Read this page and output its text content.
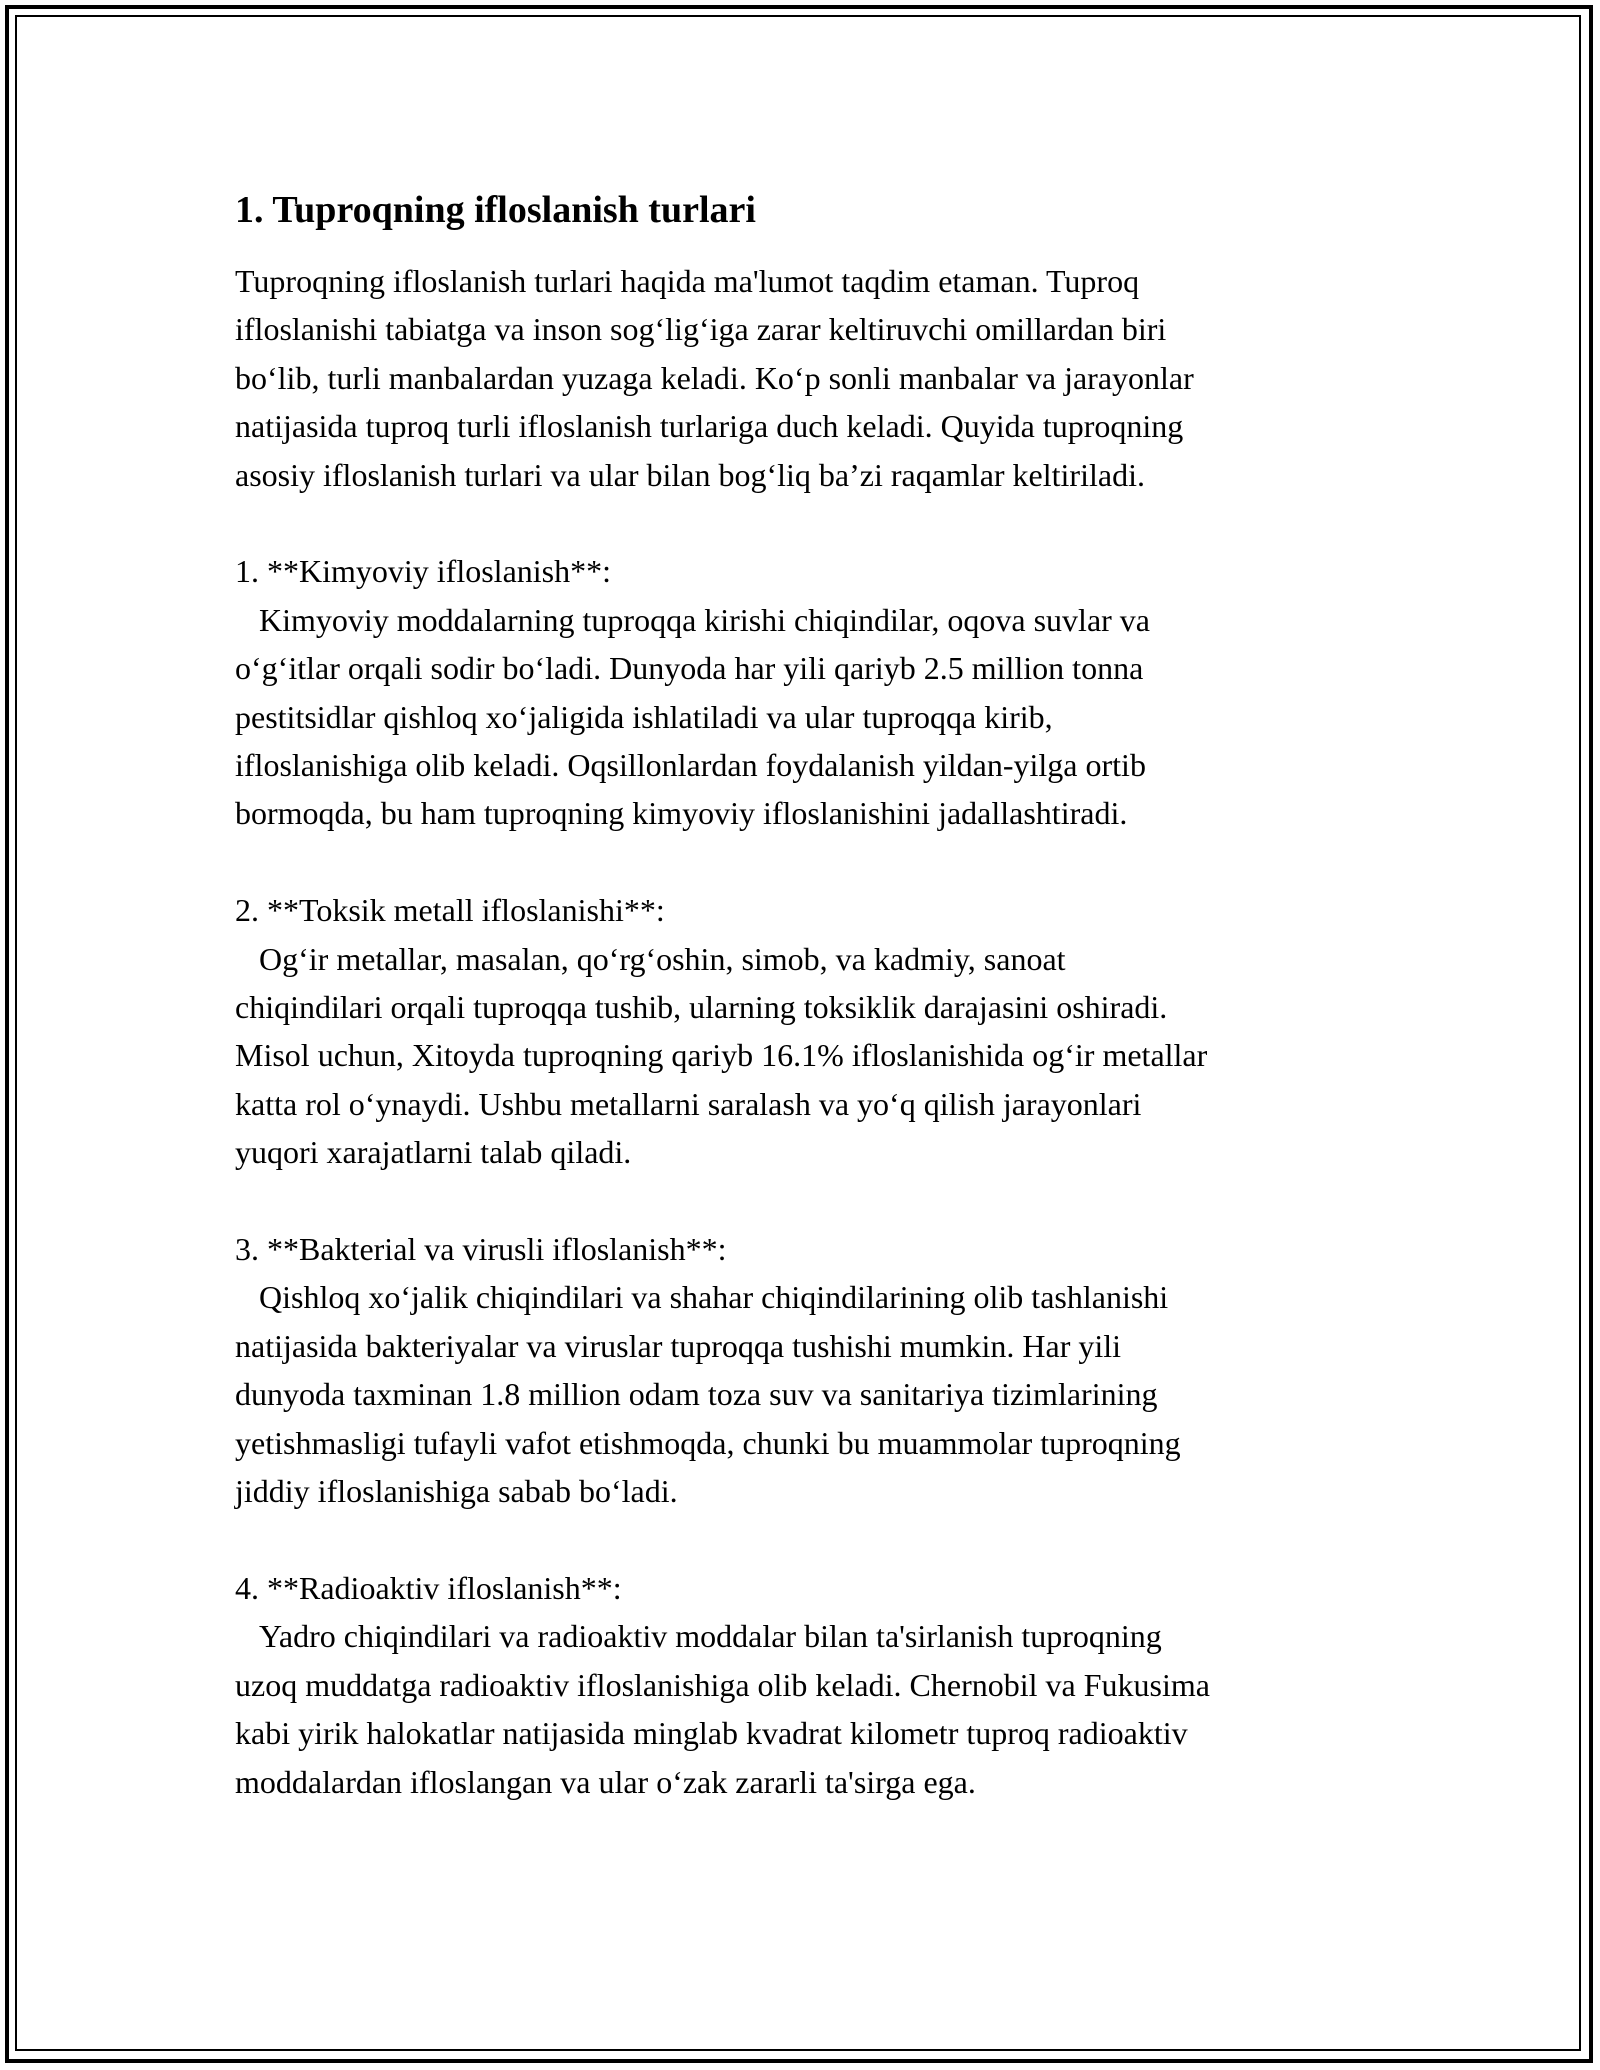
1. Tuproqning ifloslanish turlari
Tuproqning ifloslanish turlari haqida ma'lumot taqdim etaman. Tuproq
ifloslanishi tabiatga va inson sog‘lig‘iga zarar keltiruvchi omillardan biri
bo‘lib, turli manbalardan yuzaga keladi. Ko‘p sonli manbalar va jarayonlar
natijasida tuproq turli ifloslanish turlariga duch keladi. Quyida tuproqning
asosiy ifloslanish turlari va ular bilan bog‘liq ba’zi raqamlar keltiriladi.
1. **Kimyoviy ifloslanish**:
Kimyoviy moddalarning tuproqqa kirishi chiqindilar, oqova suvlar va
o‘g‘itlar orqali sodir bo‘ladi. Dunyoda har yili qariyb 2.5 million tonna
pestitsidlar qishloq xo‘jaligida ishlatiladi va ular tuproqqa kirib,
ifloslanishiga olib keladi. Oqsillonlardan foydalanish yildan-yilga ortib
bormoqda, bu ham tuproqning kimyoviy ifloslanishini jadallashtiradi.
2. **Toksik metall ifloslanishi**:
Og‘ir metallar, masalan, qo‘rg‘oshin, simob, va kadmiy, sanoat
chiqindilari orqali tuproqqa tushib, ularning toksiklik darajasini oshiradi.
Misol uchun, Xitoyda tuproqning qariyb 16.1% ifloslanishida og‘ir metallar
katta rol o‘ynaydi. Ushbu metallarni saralash va yo‘q qilish jarayonlari
yuqori xarajatlarni talab qiladi.
3. **Bakterial va virusli ifloslanish**:
Qishloq xo‘jalik chiqindilari va shahar chiqindilarining olib tashlanishi
natijasida bakteriyalar va viruslar tuproqqa tushishi mumkin. Har yili
dunyoda taxminan 1.8 million odam toza suv va sanitariya tizimlarining
yetishmasligi tufayli vafot etishmoqda, chunki bu muammolar tuproqning
jiddiy ifloslanishiga sabab bo‘ladi.
4. **Radioaktiv ifloslanish**:
Yadro chiqindilari va radioaktiv moddalar bilan ta'sirlanish tuproqning
uzoq muddatga radioaktiv ifloslanishiga olib keladi. Chernobil va Fukusima
kabi yirik halokatlar natijasida minglab kvadrat kilometr tuproq radioaktiv
moddalardan ifloslangan va ular o‘zak zararli ta'sirga ega.
